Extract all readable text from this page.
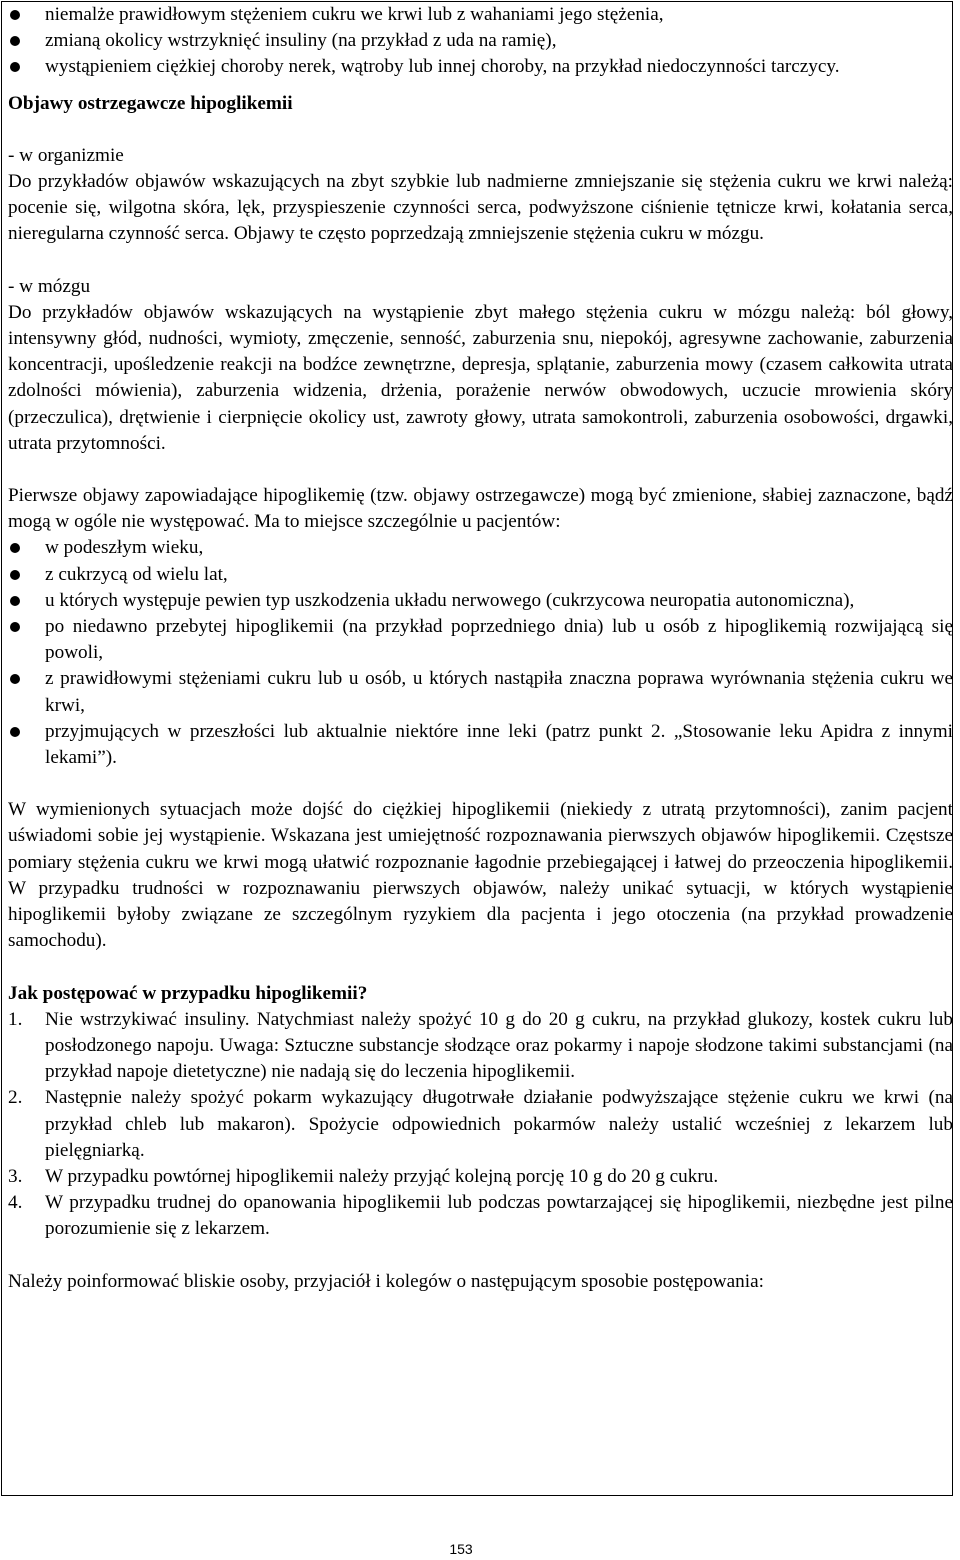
niemalże prawidłowym stężeniem cukru we krwi lub z wahaniami jego stężenia,
zmianą okolicy wstrzyknięć insuliny (na przykład z uda na ramię),
wystąpieniem ciężkiej choroby nerek, wątroby lub innej choroby, na przykład niedoczynności tarczycy.

Objawy ostrzegawcze hipoglikemii

- w organizmie

Do przykładów objawów wskazujących na zbyt szybkie lub nadmierne zmniejszanie się stężenia cukru we krwi należą: pocenie się, wilgotna skóra, lęk, przyspieszenie czynności serca, podwyższone ciśnienie tętnicze krwi, kołatania serca, nieregularna czynność serca. Objawy te często poprzedzają zmniejszenie stężenia cukru w mózgu.

- w mózgu

Do przykładów objawów wskazujących na wystąpienie zbyt małego stężenia cukru w mózgu należą: ból głowy, intensywny głód, nudności, wymioty, zmęczenie, senność, zaburzenia snu, niepokój, agresywne zachowanie, zaburzenia koncentracji, upośledzenie reakcji na bodźce zewnętrzne, depresja, splątanie, zaburzenia mowy (czasem całkowita utrata zdolności mówienia), zaburzenia widzenia, drżenia, porażenie nerwów obwodowych, uczucie mrowienia skóry (przeczulica), drętwienie i cierpnięcie okolicy ust, zawroty głowy, utrata samokontroli, zaburzenia osobowości, drgawki, utrata przytomności.

Pierwsze objawy zapowiadające hipoglikemię (tzw. objawy ostrzegawcze) mogą być zmienione, słabiej zaznaczone, bądź mogą w ogóle nie występować. Ma to miejsce szczególnie u pacjentów:

w podeszłym wieku,
z cukrzycą od wielu lat,
u których występuje pewien typ uszkodzenia układu nerwowego (cukrzycowa neuropatia autonomiczna),
po niedawno przebytej hipoglikemii (na przykład poprzedniego dnia) lub u osób z hipoglikemią rozwijającą się powoli,
z prawidłowymi stężeniami cukru lub u osób, u których nastąpiła znaczna poprawa wyrównania stężenia cukru we krwi,
przyjmujących w przeszłości lub aktualnie niektóre inne leki (patrz punkt 2. „Stosowanie leku Apidra z innymi lekami”).

W wymienionych sytuacjach może dojść do ciężkiej hipoglikemii (niekiedy z utratą przytomności), zanim pacjent uświadomi sobie jej wystąpienie. Wskazana jest umiejętność rozpoznawania pierwszych objawów hipoglikemii. Częstsze pomiary stężenia cukru we krwi mogą ułatwić rozpoznanie łagodnie przebiegającej i łatwej do przeoczenia hipoglikemii. W przypadku trudności w rozpoznawaniu pierwszych objawów, należy unikać sytuacji, w których wystąpienie hipoglikemii byłoby związane ze szczególnym ryzykiem dla pacjenta i jego otoczenia (na przykład prowadzenie samochodu).

Jak postępować w przypadku hipoglikemii?

1. Nie wstrzykiwać insuliny. Natychmiast należy spożyć 10 g do 20 g cukru, na przykład glukozy, kostek cukru lub posłodzonego napoju. Uwaga: Sztuczne substancje słodzące oraz pokarmy i napoje słodzone takimi substancjami (na przykład napoje dietetyczne) nie nadają się do leczenia hipoglikemii.
2. Następnie należy spożyć pokarm wykazujący długotrwałe działanie podwyższające stężenie cukru we krwi (na przykład chleb lub makaron). Spożycie odpowiednich pokarmów należy ustalić wcześniej z lekarzem lub pielęgniarką.
3. W przypadku powtórnej hipoglikemii należy przyjąć kolejną porcję 10 g do 20 g cukru.
4. W przypadku trudnej do opanowania hipoglikemii lub podczas powtarzającej się hipoglikemii, niezbędne jest pilne porozumienie się z lekarzem.

Należy poinformować bliskie osoby, przyjaciół i kolegów o następującym sposobie postępowania:

153
